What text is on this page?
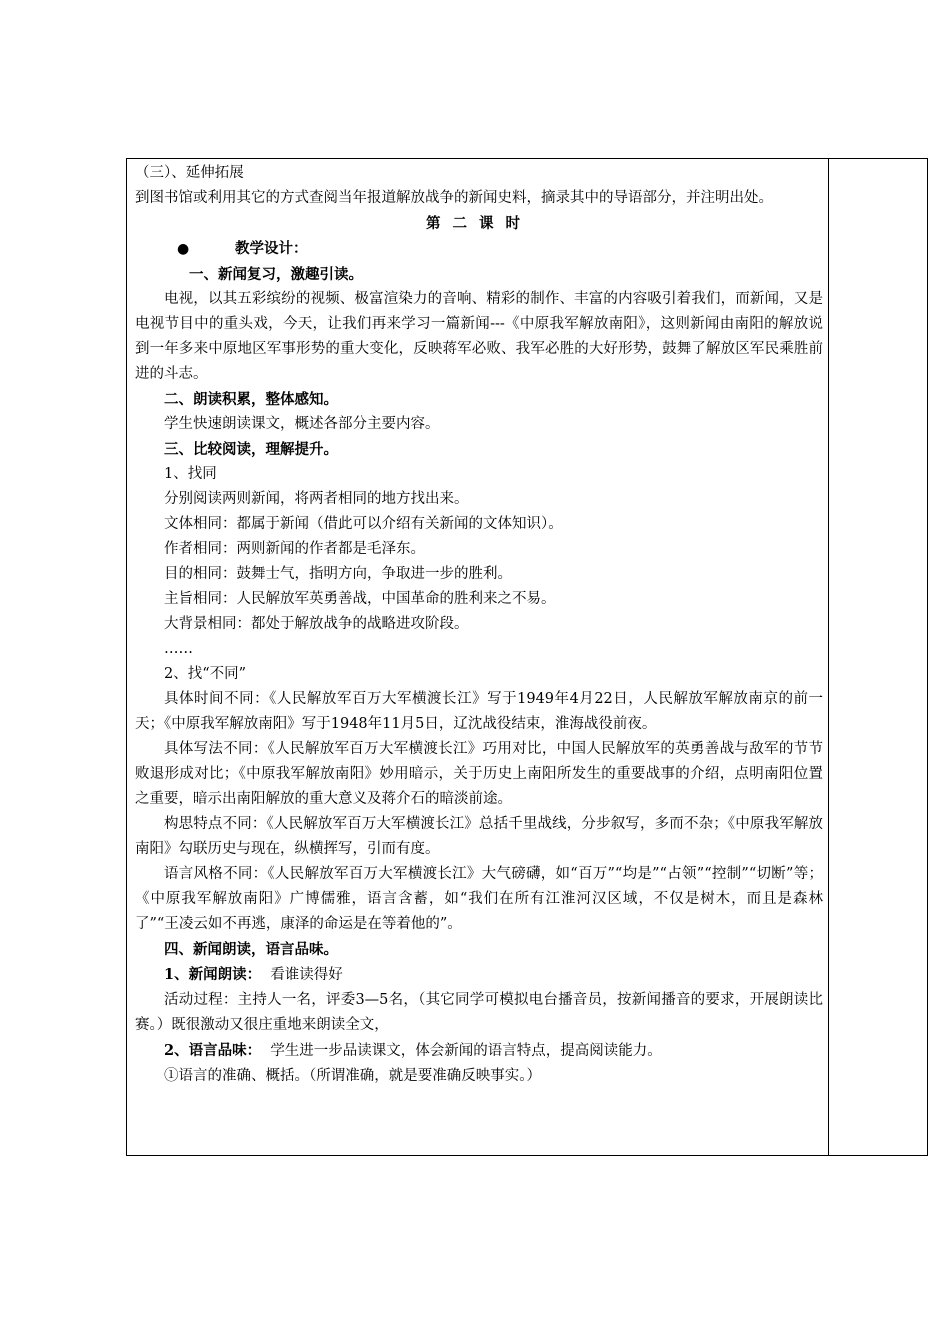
（三）、延伸拓展

到图书馆或利用其它的方式查阅当年报道解放战争的新闻史料，摘录其中的导语部分，并注明出处。

第二课时

●	教学设计：

一、新闻复习，激趣引读。

电视，以其五彩缤纷的视频、极富渲染力的音响、精彩的制作、丰富的内容吸引着我们，而新闻，又是电视节目中的重头戏，今天，让我们再来学习一篇新闻---《中原我军解放南阳》，这则新闻由南阳的解放说到一年多来中原地区军事形势的重大变化，反映蒋军必败、我军必胜的大好形势，鼓舞了解放区军民乘胜前进的斗志。

二、朗读积累，整体感知。

学生快速朗读课文，概述各部分主要内容。

三、比较阅读，理解提升。

1、找同

分别阅读两则新闻，将两者相同的地方找出来。

文体相同：都属于新闻（借此可以介绍有关新闻的文体知识）。

作者相同：两则新闻的作者都是毛泽东。

目的相同：鼓舞士气，指明方向，争取进一步的胜利。

主旨相同：人民解放军英勇善战，中国革命的胜利来之不易。

大背景相同：都处于解放战争的战略进攻阶段。

……

2、找“不同”

具体时间不同：《人民解放军百万大军横渡长江》写于1949年4月22日，人民解放军解放南京的前一天；《中原我军解放南阳》写于1948年11月5日，辽沈战役结束，淮海战役前夜。

具体写法不同：《人民解放军百万大军横渡长江》巧用对比，中国人民解放军的英勇善战与敌军的节节败退形成对比；《中原我军解放南阳》妙用暗示，关于历史上南阳所发生的重要战事的介绍，点明南阳位置之重要，暗示出南阳解放的重大意义及蒋介石的暗淡前途。

构思特点不同：《人民解放军百万大军横渡长江》总括千里战线，分步叙写，多而不杂；《中原我军解放南阳》勾联历史与现在，纵横挥写，引而有度。

语言风格不同：《人民解放军百万大军横渡长江》大气磅礴，如“百万”“均是”“占领”“控制”“切断”等；《中原我军解放南阳》广博儒雅，语言含蓄，如“我们在所有江淮河汉区域，不仅是树木，而且是森林了”“王凌云如不再逃，康泽的命运是在等着他的”。

四、新闻朗读，语言品味。

1、新闻朗读： 看谁读得好

活动过程：主持人一名，评委3—5名，（其它同学可模拟电台播音员，按新闻播音的要求，开展朗读比赛。）既很激动又很庄重地来朗读全文，

2、语言品味： 学生进一步品读课文，体会新闻的语言特点，提高阅读能力。

①语言的准确、概括。（所谓准确，就是要准确反映事实。）
